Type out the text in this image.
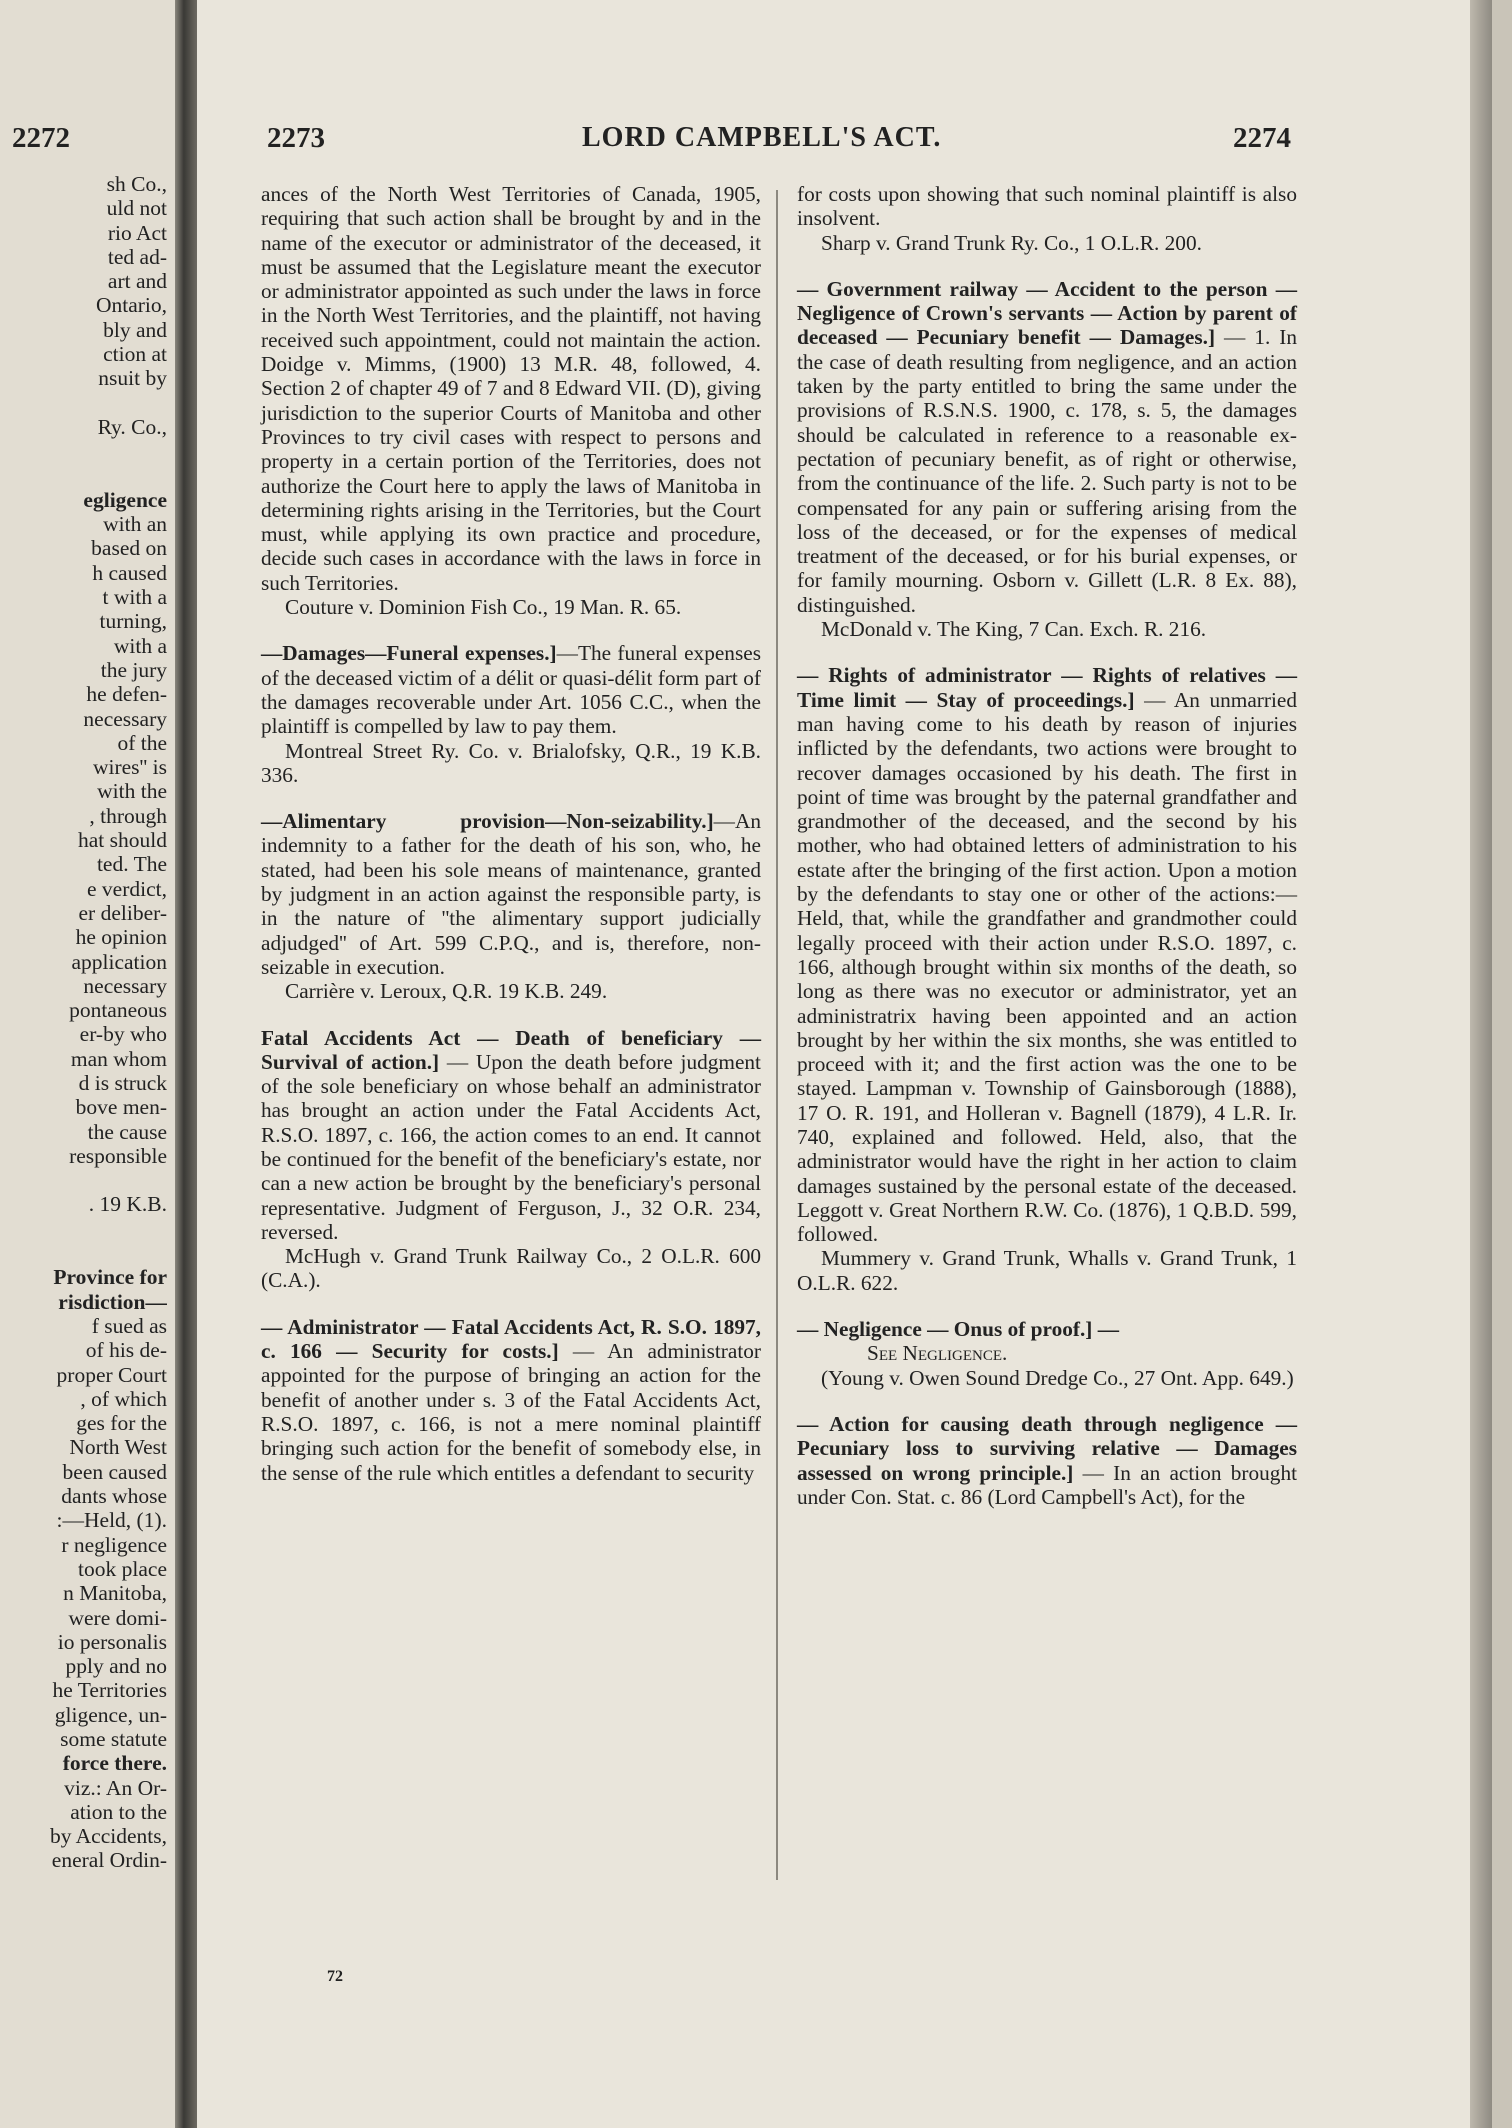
2272
sh Co.,
uld not
rio Act
ted ad-
art and
Ontario,
bly and
ction at
nsuit by
Ry. Co.,
egligence
with an
based on
h caused
t with a
turning,
with a
the jury
he defen-
necessary
of the
wires'' is
with the
, through
hat should
ted. The
e verdict,
er deliber-
he opinion
application
necessary
pontaneous
er-by who
man whom
d is struck
bove men-
the cause
responsible
. 19 K.B.
Province for
risdiction—
f sued as
of his de-
proper Court
, of which
ges for the
North West
been caused
dants whose
:—Held, (1).
r negligence
took place
n Manitoba,
were domi-
io personalis
pply and no
he Territories
gligence, un-
some statute
force there.
viz.: An Or-
ation to the
by Accidents,
eneral Ordin-
2273	LORD CAMPBELL'S ACT.	2274

ances of the North West Territories of Canada, 1905, requiring that such action shall be brought by and in the name of the executor or administrator of the deceased, it must be assumed that the Legislature meant the executor or administrator appointed as such under the laws in force in the North West Territories, and the plaintiff, not having received such appointment, could not maintain the action. Doidge v. Mimms, (1900) 13 M.R. 48, followed, 4. Section 2 of chapter 49 of 7 and 8 Edward VII. (D), giving jurisdiction to the superior Courts of Manitoba and other Provinces to try civil cases with respect to persons and property in a certain portion of the Territories, does not authorize the Court here to apply the laws of Manitoba in determining rights arising in the Territories, but the Court must, while applying its own practice and procedure, decide such cases in accordance with the laws in force in such Territories.

Couture v. Dominion Fish Co., 19 Man. R. 65.

—Damages—Funeral expenses.]—The funeral expenses of the deceased victim of a délit or quasi-délit form part of the damages recoverable under Art. 1056 C.C., when the plaintiff is compelled by law to pay them.

Montreal Street Ry. Co. v. Brialofsky, Q.R., 19 K.B. 336.

—Alimentary provision—Non-seizability.]—An indemnity to a father for the death of his son, who, he stated, had been his sole means of maintenance, granted by judgment in an action against the responsible party, is in the nature of ''the alimentary support judicially adjudged'' of Art. 599 C.P.Q., and is, therefore, nonseizable in execution.

Carrière v. Leroux, Q.R. 19 K.B. 249.

Fatal Accidents Act — Death of beneficiary — Survival of action.] — Upon the death before judgment of the sole beneficiary on whose behalf an administrator has brought an action under the Fatal Accidents Act, R.S.O. 1897, c. 166, the action comes to an end. It cannot be continued for the benefit of the beneficiary's estate, nor can a new action be brought by the beneficiary's personal representative. Judgment of Ferguson, J., 32 O.R. 234, reversed.

McHugh v. Grand Trunk Railway Co., 2 O.L.R. 600 (C.A.).

— Administrator — Fatal Accidents Act, R. S.O. 1897, c. 166 — Security for costs.] — An administrator appointed for the purpose of bringing an action for the benefit of another under s. 3 of the Fatal Accidents Act, R.S.O. 1897, c. 166, is not a mere nominal plaintiff bringing such action for the benefit of somebody else, in the sense of the rule which entitles a defendant to security

for costs upon showing that such nominal plaintiff is also insolvent.

Sharp v. Grand Trunk Ry. Co., 1 O.L.R. 200.

— Government railway — Accident to the person — Negligence of Crown's servants — Action by parent of deceased — Pecuniary benefit — Damages.] — 1. In the case of death resulting from negligence, and an action taken by the party entitled to bring the same under the provisions of R.S.N.S. 1900, c. 178, s. 5, the damages should be calculated in reference to a reasonable expectation of pecuniary benefit, as of right or otherwise, from the continuance of the life. 2. Such party is not to be compensated for any pain or suffering arising from the loss of the deceased, or for the expenses of medical treatment of the deceased, or for his burial expenses, or for family mourning. Osborn v. Gillett (L.R. 8 Ex. 88), distinguished.

McDonald v. The King, 7 Can. Exch. R. 216.

— Rights of administrator — Rights of relatives — Time limit — Stay of proceedings.] — An unmarried man having come to his death by reason of injuries inflicted by the defendants, two actions were brought to recover damages occasioned by his death. The first in point of time was brought by the paternal grandfather and grandmother of the deceased, and the second by his mother, who had obtained letters of administration to his estate after the bringing of the first action. Upon a motion by the defendants to stay one or other of the actions:—Held, that, while the grandfather and grandmother could legally proceed with their action under R.S.O. 1897, c. 166, although brought within six months of the death, so long as there was no executor or administrator, yet an administratrix having been appointed and an action brought by her within the six months, she was entitled to proceed with it; and the first action was the one to be stayed. Lampman v. Township of Gainsborough (1888), 17 O. R. 191, and Holleran v. Bagnell (1879), 4 L.R. Ir. 740, explained and followed. Held, also, that the administrator would have the right in her action to claim damages sustained by the personal estate of the deceased. Leggott v. Great Northern R.W. Co. (1876), 1 Q.B.D. 599, followed.

Mummery v. Grand Trunk, Whalls v. Grand Trunk, 1 O.L.R. 622.

— Negligence — Onus of proof.] —

See Negligence.

(Young v. Owen Sound Dredge Co., 27 Ont. App. 649.)

— Action for causing death through negligence — Pecuniary loss to surviving relative — Damages assessed on wrong principle.] — In an action brought under Con. Stat. c. 86 (Lord Campbell's Act), for the

72
